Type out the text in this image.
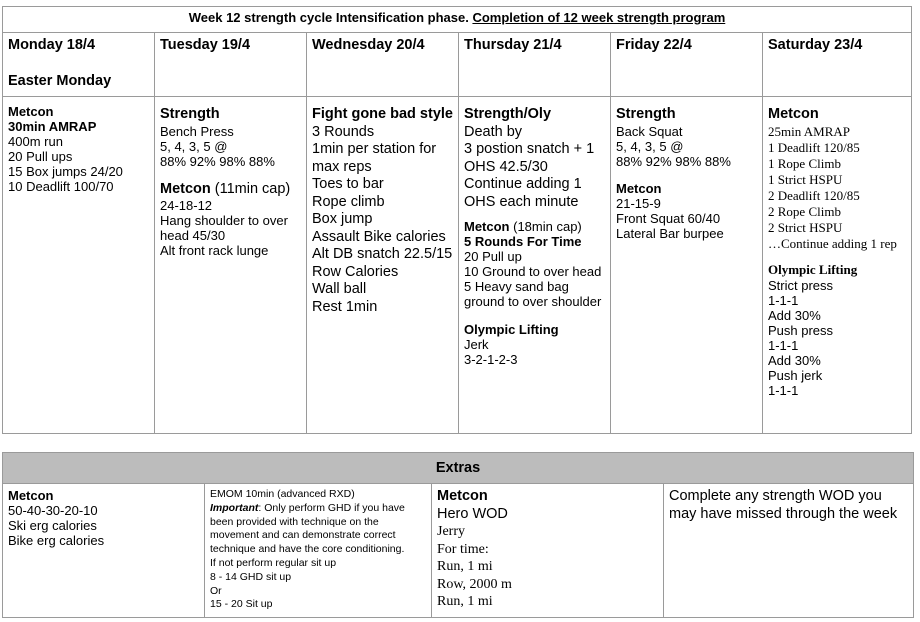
Week 12 strength cycle Intensification phase. Completion of 12 week strength program
Monday 18/4
Easter Monday
Metcon
30min AMRAP
400m run
20 Pull ups
15 Box jumps 24/20
10 Deadlift 100/70
Tuesday 19/4
Strength
Bench Press
5, 4, 3, 5 @
88% 92% 98% 88%
Metcon (11min cap)
24-18-12
Hang shoulder to over head 45/30
Alt front rack lunge
Wednesday 20/4
Fight gone bad style
3 Rounds
1min per station for max reps
Toes to bar
Rope climb
Box jump
Assault Bike calories
Alt DB snatch 22.5/15
Row Calories
Wall ball
Rest 1min
Thursday 21/4
Strength/Oly
Death by
3 postion snatch + 1 OHS 42.5/30
Continue adding 1 OHS each minute
Metcon (18min cap)
5 Rounds For Time
20 Pull up
10 Ground to over head
5 Heavy sand bag ground to over shoulder
Olympic Lifting
Jerk
3-2-1-2-3
Friday 22/4
Strength
Back Squat
5, 4, 3, 5 @
88% 92% 98% 88%
Metcon
21-15-9
Front Squat 60/40
Lateral Bar burpee
Saturday 23/4
Metcon
25min AMRAP
1 Deadlift 120/85
1 Rope Climb
1 Strict HSPU
2 Deadlift 120/85
2 Rope Climb
2 Strict HSPU
…Continue adding 1 rep
Olympic Lifting
Strict press
1-1-1
Add 30%
Push press
1-1-1
Add 30%
Push jerk
1-1-1
Extras
Metcon
50-40-30-20-10
Ski erg calories
Bike erg calories
EMOM 10min (advanced RXD)
Important: Only perform GHD if you have been provided with technique on the movement and can demonstrate correct technique and have the core conditioning.
If not perform regular sit up
8 - 14 GHD sit up
Or
15 - 20 Sit up
Metcon
Hero WOD
Jerry
For time:
Run, 1 mi
Row, 2000 m
Run, 1 mi
Complete any strength WOD you may have missed through the week
